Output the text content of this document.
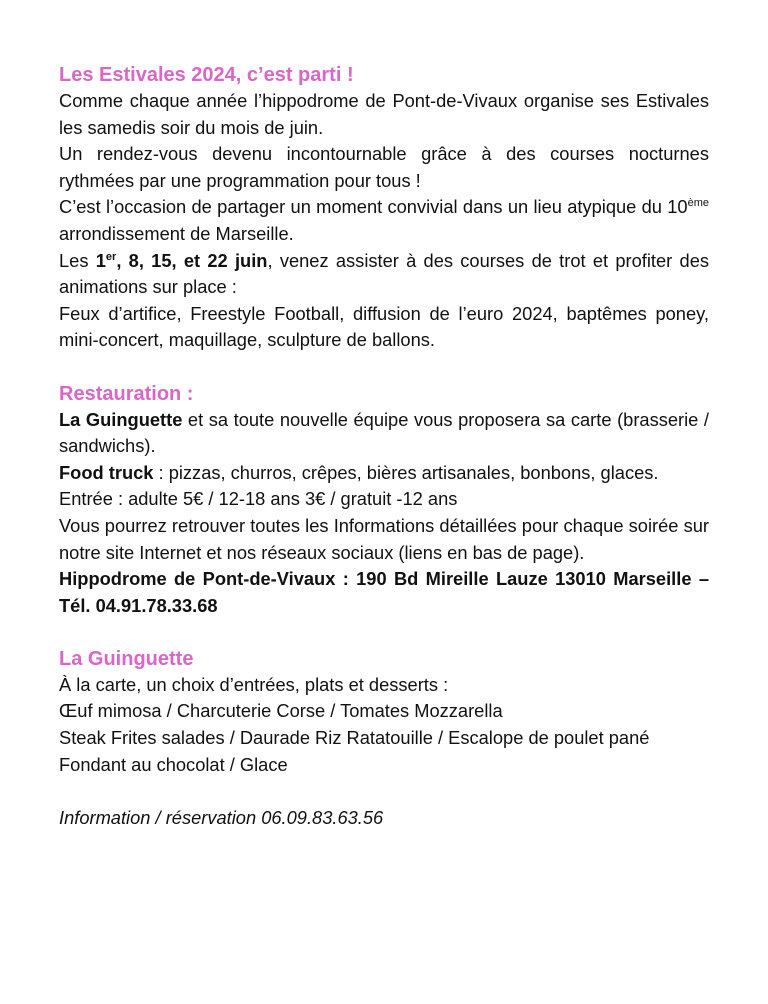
Les Estivales 2024, c’est parti !

Comme chaque année l’hippodrome de Pont-de-Vivaux organise ses Estivales les samedis soir du mois de juin.

Un rendez-vous devenu incontournable grâce à des courses nocturnes rythmées par une programmation pour tous !

C’est l’occasion de partager un moment convivial dans un lieu atypique du 10ème arrondissement de Marseille.

Les 1er, 8, 15, et 22 juin, venez assister à des courses de trot et profiter des animations sur place :

Feux d’artifice, Freestyle Football, diffusion de l’euro 2024, baptêmes poney, mini-concert, maquillage, sculpture de ballons.

Restauration :

La Guinguette et sa toute nouvelle équipe vous proposera sa carte (brasserie / sandwichs).

Food truck : pizzas, churros, crêpes, bières artisanales, bonbons, glaces.

Entrée : adulte 5€ / 12-18 ans 3€ / gratuit -12 ans

Vous pourrez retrouver toutes les Informations détaillées pour chaque soirée sur notre site Internet et nos réseaux sociaux (liens en bas de page).

Hippodrome de Pont-de-Vivaux : 190 Bd Mireille Lauze 13010 Marseille – Tél. 04.91.78.33.68

La Guinguette

À la carte, un choix d’entrées, plats et desserts :

Œuf mimosa / Charcuterie Corse / Tomates Mozzarella

Steak Frites salades / Daurade Riz Ratatouille / Escalope de poulet pané

Fondant au chocolat / Glace

Information / réservation 06.09.83.63.56
